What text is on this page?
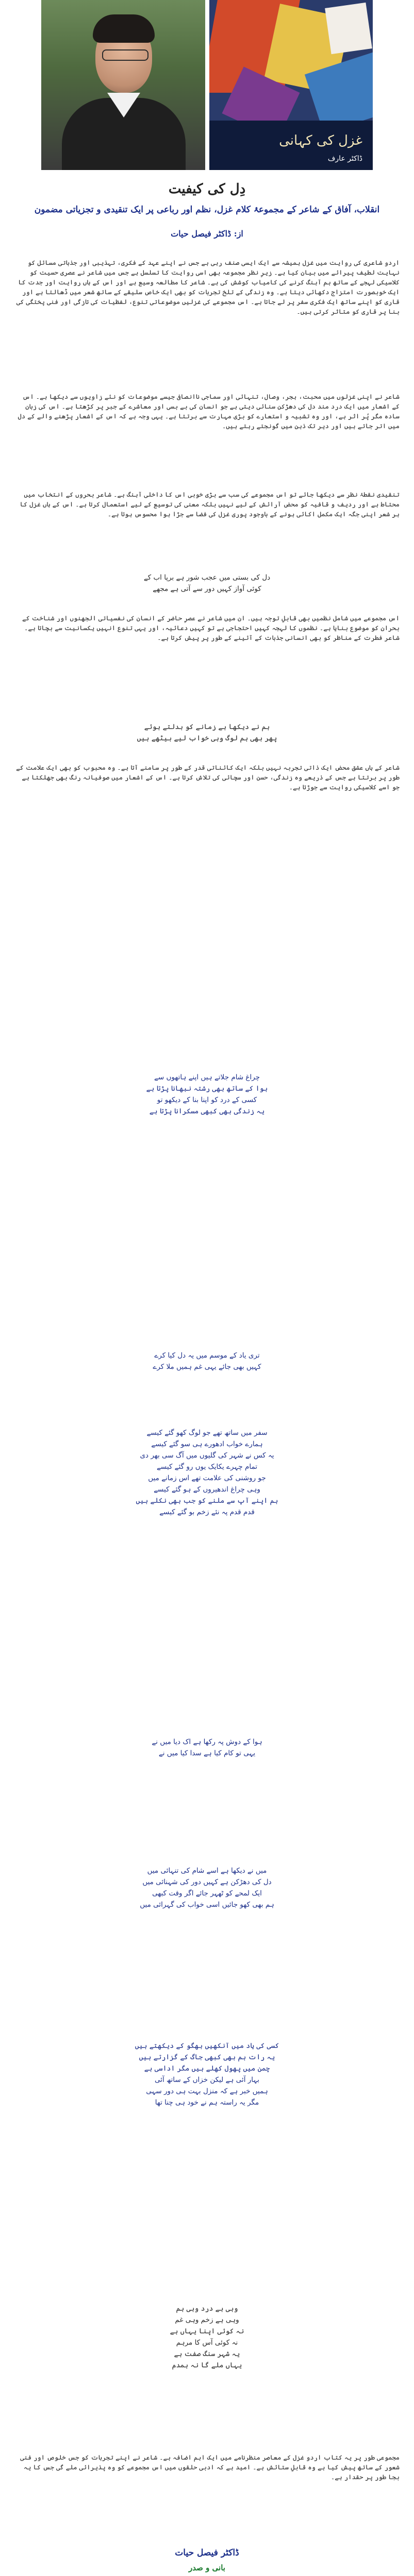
غزل کی کہانی
ڈاکٹر عارف
دِل کی کیفیت
انقلاب، آفاق کے شاعر کے مجموعۂ کلام غزل، نظم اور رباعی پر ایک تنقیدی و تجزیاتی مضمون
از: ڈاکٹر فیصل حیات
اردو شاعری کی روایت میں غزل ہمیشہ سے ایک ایسی صنف رہی ہے جس نے اپنے عہد کے فکری، تہذیبی اور جذباتی مسائل کو نہایت لطیف پیرائے میں بیان کیا ہے۔ زیرِ نظر مجموعہ بھی اسی روایت کا تسلسل ہے جس میں شاعر نے عصری حسیت کو کلاسیکی لہجے کے ساتھ ہم آہنگ کرنے کی کامیاب کوشش کی ہے۔ شاعر کا مطالعہ وسیع ہے اور اس کے ہاں روایت اور جدت کا ایک خوبصورت امتزاج دکھائی دیتا ہے۔ وہ زندگی کے تلخ تجربات کو بھی ایک خاص سلیقے کے ساتھ شعر میں ڈھالتا ہے اور قاری کو اپنے ساتھ ایک فکری سفر پر لے جاتا ہے۔ اس مجموعے کی غزلیں موضوعاتی تنوع، لفظیات کی تازگی اور فنی پختگی کی بنا پر قاری کو متاثر کرتی ہیں۔
شاعر نے اپنی غزلوں میں محبت، ہجر، وصال، تنہائی اور سماجی ناانصافی جیسے موضوعات کو نئے زاویوں سے دیکھا ہے۔ اس کے اشعار میں ایک درد مند دل کی دھڑکن سنائی دیتی ہے جو انسان کی بے بسی اور معاشرے کے جبر پر کڑھتا ہے۔ اس کی زبان سادہ مگر پُر اثر ہے، اور وہ تشبیہ و استعارے کو بڑی مہارت سے برتتا ہے۔ یہی وجہ ہے کہ اس کے اشعار پڑھنے والے کے دل میں اتر جاتے ہیں اور دیر تک ذہن میں گونجتے رہتے ہیں۔
تنقیدی نقطۂ نظر سے دیکھا جائے تو اس مجموعے کی سب سے بڑی خوبی اس کا داخلی آہنگ ہے۔ شاعر بحروں کے انتخاب میں محتاط ہے اور ردیف و قافیہ کو محض آرائش کے لیے نہیں بلکہ معنی کی توسیع کے لیے استعمال کرتا ہے۔ اس کے ہاں غزل کا ہر شعر اپنی جگہ ایک مکمل اکائی ہونے کے باوجود پوری غزل کی فضا سے جڑا ہوا محسوس ہوتا ہے۔
دل کی بستی میں عجب شور ہے برپا اب کے
کوئی آواز کہیں دور سے آتی ہے مجھے
اس مجموعے میں شامل نظمیں بھی قابلِ توجہ ہیں۔ ان میں شاعر نے عصرِ حاضر کے انسان کی نفسیاتی الجھنوں اور شناخت کے بحران کو موضوع بنایا ہے۔ نظموں کا لہجہ کہیں احتجاجی ہے تو کہیں دعائیہ، اور یہی تنوع انہیں یکسانیت سے بچاتا ہے۔ شاعر فطرت کے مناظر کو بھی انسانی جذبات کے آئینے کے طور پر پیش کرتا ہے۔
ہم نے دیکھا ہے زمانے کو بدلتے ہوئے
پھر بھی ہم لوگ وہی خواب لیے بیٹھے ہیں
شاعر کے ہاں عشق محض ایک ذاتی تجربہ نہیں بلکہ ایک کائناتی قدر کے طور پر سامنے آتا ہے۔ وہ محبوب کو بھی ایک علامت کے طور پر برتتا ہے جس کے ذریعے وہ زندگی، حسن اور سچائی کی تلاش کرتا ہے۔ اس کے اشعار میں صوفیانہ رنگ بھی جھلکتا ہے جو اسے کلاسیکی روایت سے جوڑتا ہے۔
چراغ شام جلاتے ہیں اپنے ہاتھوں سے
ہوا کے ساتھ بھی رشتہ نبھانا پڑتا ہے
کسی کے درد کو اپنا بنا کے دیکھو تو
یہ زندگی بھی کبھی مسکرانا پڑتا ہے
تری یاد کے موسم میں یہ دل کیا کرے
کہیں بھی جائے یہی غم ہمیں ملا کرے
سفر میں ساتھ تھے جو لوگ کھو گئے کیسے
ہمارے خواب ادھورے ہی سو گئے کیسے
یہ کس نے شہر کی گلیوں میں آگ سی بھر دی
تمام چہرے یکایک یوں رو گئے کیسے
جو روشنی کی علامت تھے اس زمانے میں
وہی چراغ اندھیروں کے ہو گئے کیسے
ہم اپنے آپ سے ملنے کو جب بھی نکلے ہیں
قدم قدم پہ نئے زخم بو گئے کیسے
ہوا کے دوش پہ رکھا ہے اک دیا میں نے
یہی تو کام کیا ہے سدا کیا میں نے
میں نے دیکھا ہے اسے شام کی تنہائی میں
دل کی دھڑکن ہے کہیں دور کی شہنائی میں
ایک لمحے کو ٹھہر جائے اگر وقت کبھی
ہم بھی کھو جائیں اسی خواب کی گہرائی میں
کسی کی یاد میں آنکھیں بھگو کے دیکھتے ہیں
یہ رات ہم بھی کبھی جاگ کے گزارتے ہیں
چمن میں پھول کھلے ہیں مگر اداسی ہے
بہار آئی ہے لیکن خزاں کے ساتھ آئی
ہمیں خبر ہے کہ منزل بہت ہی دور سہی
مگر یہ راستہ ہم نے خود ہی چنا تھا
وہی ہے درد وہی ہم
وہی ہے زخم وہی غم
نہ کوئی اپنا یہاں ہے
نہ کوئی آس کا مرہم
یہ شہر سنگ صفت ہے
یہاں ملے گا نہ ہمدم
مجموعی طور پر یہ کتاب اردو غزل کے معاصر منظرنامے میں ایک اہم اضافہ ہے۔ شاعر نے اپنے تجربات کو جس خلوص اور فنی شعور کے ساتھ پیش کیا ہے وہ قابلِ ستائش ہے۔ امید ہے کہ ادبی حلقوں میں اس مجموعے کو وہ پذیرائی ملے گی جس کا یہ بجا طور پر حقدار ہے۔
ڈاکٹر فیصل حیات
بانی و صدر
